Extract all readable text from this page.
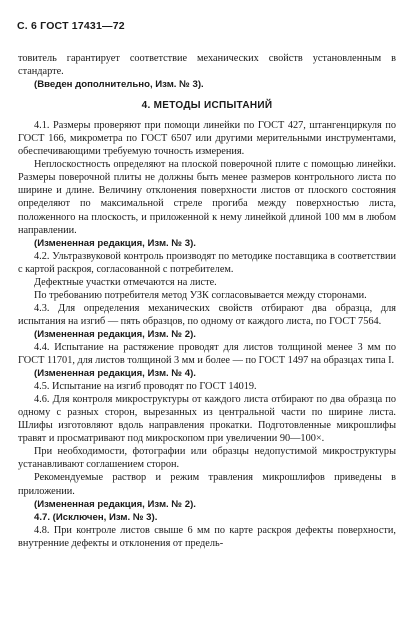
С. 6 ГОСТ 17431—72

товитель гарантирует соответствие механических свойств установленным в стандарте.

(Введен дополнительно, Изм. № 3).

4. МЕТОДЫ ИСПЫТАНИЙ

4.1. Размеры проверяют при помощи линейки по ГОСТ 427, штангенциркуля по ГОСТ 166, микрометра по ГОСТ 6507 или другими мерительными инструментами, обеспечивающими требуемую точность измерения.

Неплоскостность определяют на плоской поверочной плите с помощью линейки. Размеры поверочной плиты не должны быть менее размеров контрольного листа по ширине и длине. Величину отклонения поверхности листов от плоского состояния определяют по максимальной стреле прогиба между поверхностью листа, положенного на плоскость, и приложенной к нему линейкой длиной 100 мм в любом направлении.

(Измененная редакция, Изм. № 3).

4.2. Ультразвуковой контроль производят по методике поставщика в соответствии с картой раскроя, согласованной с потребителем.

Дефектные участки отмечаются на листе.

По требованию потребителя метод УЗК согласовывается между сторонами.

4.3. Для определения механических свойств отбирают два образца, для испытания на изгиб — пять образцов, по одному от каждого листа, по ГОСТ 7564.

(Измененная редакция, Изм. № 2).

4.4. Испытание на растяжение проводят для листов толщиной менее 3 мм по ГОСТ 11701, для листов толщиной 3 мм и более — по ГОСТ 1497 на образцах типа I.

(Измененная редакция, Изм. № 4).

4.5. Испытание на изгиб проводят по ГОСТ 14019.

4.6. Для контроля микроструктуры от каждого листа отбирают по два образца по одному с разных сторон, вырезанных из центральной части по ширине листа. Шлифы изготовляют вдоль направления прокатки. Подготовленные микрошлифы травят и просматривают под микроскопом при увеличении 90—100×.

При необходимости, фотографии или образцы недопустимой микроструктуры устанавливают соглашением сторон.

Рекомендуемые раствор и режим травления микрошлифов приведены в приложении.

(Измененная редакция, Изм. № 2).

4.7. (Исключен, Изм. № 3).

4.8. При контроле листов свыше 6 мм по карте раскроя дефекты поверхности, внутренние дефекты и отклонения от предель-
